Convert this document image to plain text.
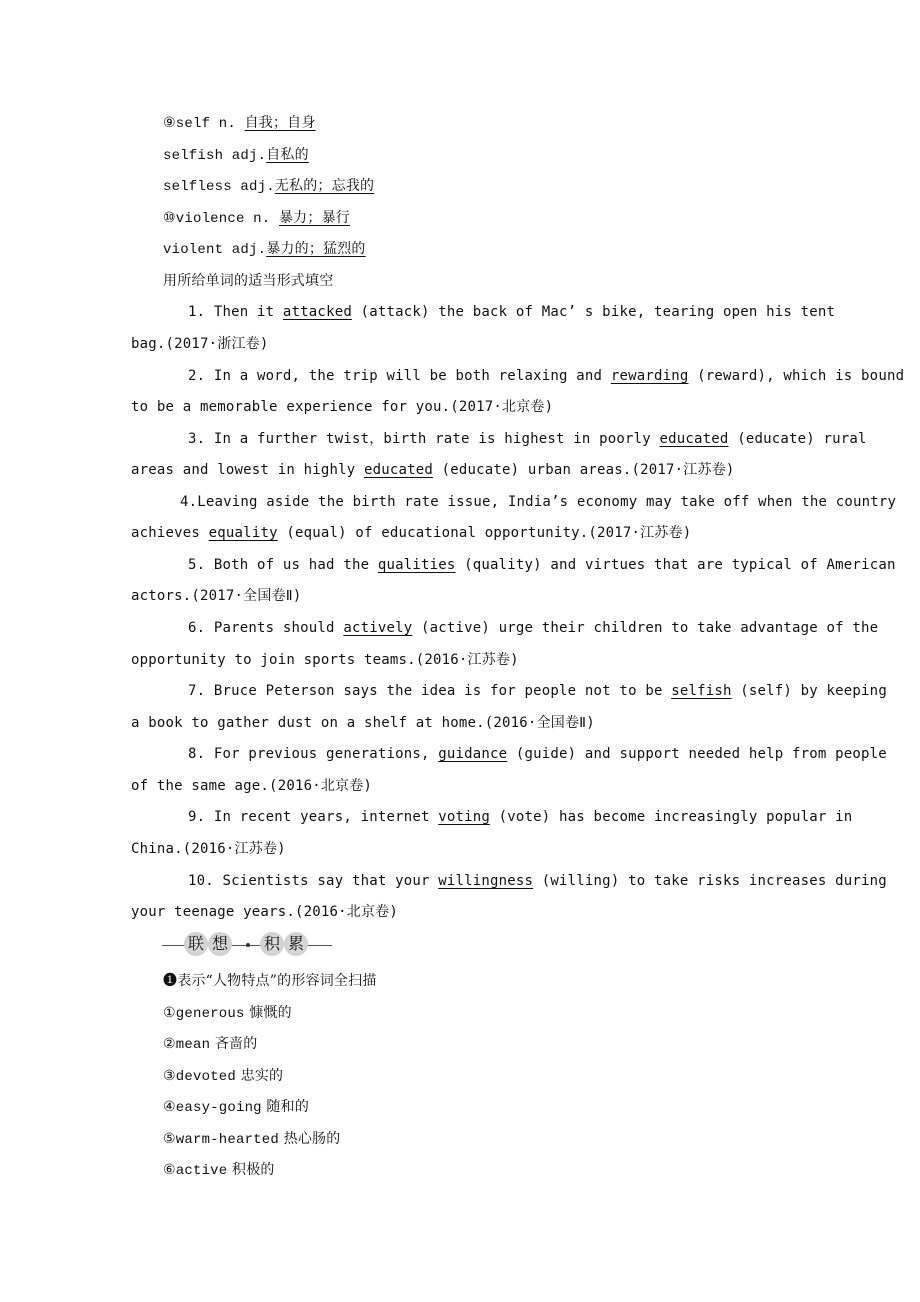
⑨self n. 自我；自身
selfish adj.自私的
selfless adj.无私的；忘我的
⑩violence n. 暴力；暴行
violent adj.暴力的；猛烈的
用所给单词的适当形式填空
1. Then it attacked (attack) the back of Mac’ s bike, tearing open his tent
bag.(2017·浙江卷)
2. In a word, the trip will be both relaxing and rewarding (reward), which is bound
to be a memorable experience for you.(2017·北京卷)
3. In a further twist，birth rate is highest in poorly educated (educate) rural
areas and lowest in highly educated (educate) urban areas.(2017·江苏卷)
4.Leaving aside the birth rate issue, India’s economy may take off when the country
achieves equality (equal) of educational opportunity.(2017·江苏卷)
5. Both of us had the qualities (quality) and virtues that are typical of American
actors.(2017·全国卷Ⅱ)
6. Parents should actively (active) urge their children to take advantage of the
opportunity to join sports teams.(2016·江苏卷)
7. Bruce Peterson says the idea is for people not to be selfish (self) by keeping
a book to gather dust on a shelf at home.(2016·全国卷Ⅱ)
8. For previous generations, guidance (guide) and support needed help from people
of the same age.(2016·北京卷)
9. In recent years, internet voting (vote) has become increasingly popular in
China.(2016·江苏卷)
10. Scientists say that your willingness (willing) to take risks increases during
your teenage years.(2016·北京卷)
联 想 积 累
❶表示“人物特点”的形容词全扫描
①generous 慷慨的
②mean 吝啬的
③devoted 忠实的
④easy-going 随和的
⑤warm-hearted 热心肠的
⑥active 积极的
